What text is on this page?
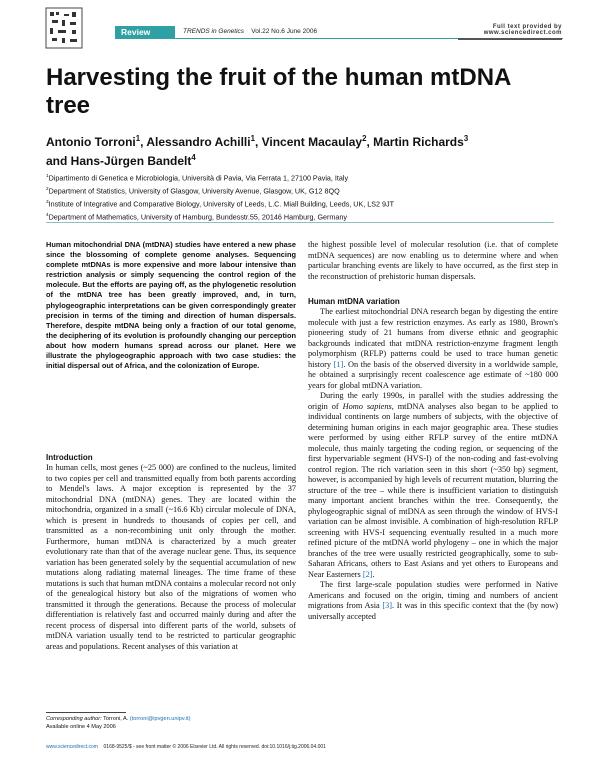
Review	TRENDS in Genetics Vol.22 No.6 June 2006
Full text provided by www.sciencedirect.com
Harvesting the fruit of the human mtDNA tree
Antonio Torroni$^1$, Alessandro Achilli$^1$, Vincent Macaulay$^2$, Martin Richards$^3$
and Hans-Jürgen Bandelt$^4$
$^1$Dipartimento di Genetica e Microbiologia, Università di Pavia, Via Ferrata 1, 27100 Pavia, Italy
$^2$Department of Statistics, University of Glasgow, University Avenue, Glasgow, UK, G12 8QQ
$^3$Institute of Integrative and Comparative Biology, University of Leeds, L.C. Miall Building, Leeds, UK, LS2 9JT
$^4$Department of Mathematics, University of Hamburg, Bundesstr.55, 20146 Hamburg, Germany

Human mitochondrial DNA (mtDNA) studies have entered a new phase since the blossoming of complete genome analyses. Sequencing complete mtDNAs is more expensive and more labour intensive than restriction analysis or simply sequencing the control region of the molecule. But the efforts are paying off, as the phylogenetic resolution of the mtDNA tree has been greatly improved, and, in turn, phylogeographic interpretations can be given correspondingly greater precision in terms of the timing and direction of human dispersals. Therefore, despite mtDNA being only a fraction of our total genome, the deciphering of its evolution is profoundly changing our perception about how modern humans spread across our planet. Here we illustrate the phylogeographic approach with two case studies: the initial dispersal out of Africa, and the colonization of Europe.

Introduction

In human cells, most genes (~25 000) are confined to the nucleus, limited to two copies per cell and transmitted equally from both parents according to Mendel's laws. A major exception is represented by the 37 mitochondrial DNA (mtDNA) genes. They are located within the mitochondria, organized in a small (~16.6 Kb) circular molecule of DNA, which is present in hundreds to thousands of copies per cell, and transmitted as a non-recombining unit only through the mother. Furthermore, human mtDNA is characterized by a much greater evolutionary rate than that of the average nuclear gene. Thus, its sequence variation has been generated solely by the sequential accumulation of new mutations along radiating maternal lineages. The time frame of these mutations is such that human mtDNA contains a molecular record not only of the genealogical history but also of the migrations of women who transmitted it through the generations. Because the process of molecular differentiation is relatively fast and occurred mainly during and after the recent process of dispersal into different parts of the world, subsets of mtDNA variation usually tend to be restricted to particular geographic areas and populations. Recent analyses of this variation at

the highest possible level of molecular resolution (i.e. that of complete mtDNA sequences) are now enabling us to determine where and when particular branching events are likely to have occurred, as the first step in the reconstruction of prehistoric human dispersals.

Human mtDNA variation

The earliest mitochondrial DNA research began by digesting the entire molecule with just a few restriction enzymes. As early as 1980, Brown's pioneering study of 21 humans from diverse ethnic and geographic backgrounds indicated that mtDNA restriction-enzyme fragment length polymorphism (RFLP) patterns could be used to trace human genetic history [1]. On the basis of the observed diversity in a worldwide sample, he obtained a surprisingly recent coalescence age estimate of ~180 000 years for global mtDNA variation.

During the early 1990s, in parallel with the studies addressing the origin of Homo sapiens, mtDNA analyses also began to be applied to individual continents on large numbers of subjects, with the objective of determining human origins in each major geographic area. These studies were performed by using either RFLP survey of the entire mtDNA molecule, thus mainly targeting the coding region, or sequencing of the first hypervariable segment (HVS-I) of the non-coding and fast-evolving control region. The rich variation seen in this short (~350 bp) segment, however, is accompanied by high levels of recurrent mutation, blurring the structure of the tree – while there is insufficient variation to distinguish many important ancient branches within the tree. Consequently, the phylogeographic signal of mtDNA as seen through the window of HVS-I variation can be almost invisible. A combination of high-resolution RFLP screening with HVS-I sequencing eventually resulted in a much more refined picture of the mtDNA world phylogeny – one in which the major branches of the tree were usually restricted geographically, some to sub-Saharan Africans, others to East Asians and yet others to Europeans and Near Easterners [2].

The first large-scale population studies were performed in Native Americans and focused on the origin, timing and numbers of ancient migrations from Asia [3]. It was in this specific context that the (by now) universally accepted

Corresponding author: Torroni, A. (torroni@ipvgen.unipv.it)
Available online 4 May 2006
www.sciencedirect.com 0168-9525/$ - see front matter © 2006 Elsevier Ltd. All rights reserved. doi:10.1016/j.tig.2006.04.001
